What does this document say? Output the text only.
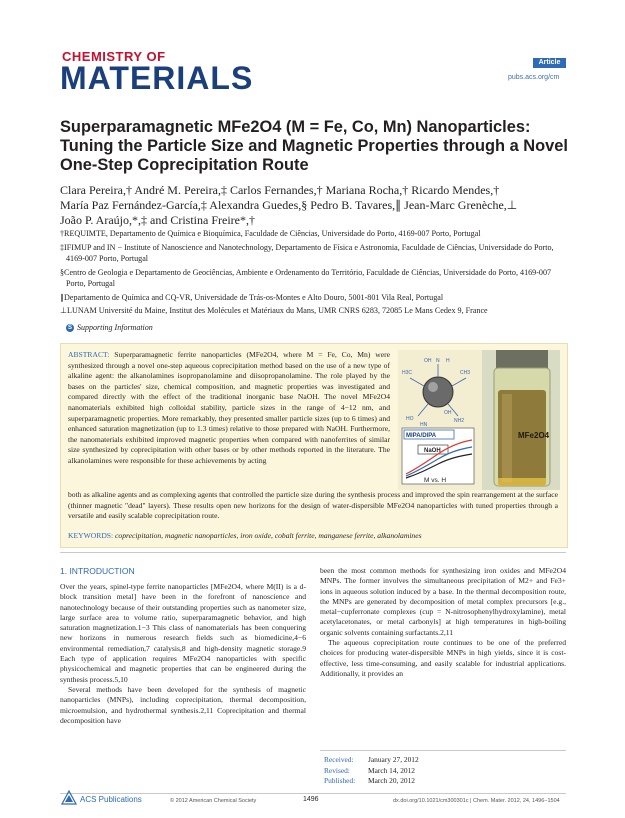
CHEMISTRY OF
MATERIALS	Article
pubs.acs.org/cm
Superparamagnetic MFe2O4 (M = Fe, Co, Mn) Nanoparticles: Tuning the Particle Size and Magnetic Properties through a Novel One-Step Coprecipitation Route
Clara Pereira,† André M. Pereira,‡ Carlos Fernandes,† Mariana Rocha,† Ricardo Mendes,†
María Paz Fernández-García,‡ Alexandra Guedes,§ Pedro B. Tavares,∥ Jean-Marc Grenèche,⊥
João P. Araújo,*,‡ and Cristina Freire*,†

†REQUIMTE, Departamento de Química e Bioquímica, Faculdade de Ciências, Universidade do Porto, 4169-007 Porto, Portugal

‡IFIMUP and IN − Institute of Nanoscience and Nanotechnology, Departamento de Física e Astronomia, Faculdade de Ciências, Universidade do Porto, 4169-007 Porto, Portugal

§Centro de Geologia e Departamento de Geociências, Ambiente e Ordenamento do Território, Faculdade de Ciências, Universidade do Porto, 4169-007 Porto, Portugal

∥Departamento de Química and CQ-VR, Universidade de Trás-os-Montes e Alto Douro, 5001-801 Vila Real, Portugal

⊥LUNAM Université du Maine, Institut des Molécules et Matériaux du Mans, UMR CNRS 6283, 72085 Le Mans Cedex 9, France

S Supporting Information
ABSTRACT: Superparamagnetic ferrite nanoparticles (MFe2O4, where M = Fe, Co, Mn) were synthesized through a novel one-step aqueous coprecipitation method based on the use of a new type of alkaline agent: the alkanolamines isopropanolamine and diisopropanolamine. The role played by the bases on the particles' size, chemical composition, and magnetic properties was investigated and compared directly with the effect of the traditional inorganic base NaOH. The novel MFe2O4 nanomaterials exhibited high colloidal stability, particle sizes in the range of 4−12 nm, and superparamagnetic properties. More remarkably, they presented smaller particle sizes (up to 6 times) and enhanced saturation magnetization (up to 1.3 times) relative to those prepared with NaOH. Furthermore, the nanomaterials exhibited improved magnetic properties when compared with nanoferrites of similar size synthesized by coprecipitation with other bases or by other methods reported in the literature. The alkanolamines were responsible for these achievements by acting
both as alkaline agents and as complexing agents that controlled the particle size during the synthesis process and improved the spin rearrangement at the surface (thinner magnetic "dead" layers). These results open new horizons for the design of water-dispersible MFe2O4 nanoparticles with tuned properties through a versatile and easily scalable coprecipitation route.
KEYWORDS: coprecipitation, magnetic nanoparticles, iron oxide, cobalt ferrite, manganese ferrite, alkanolamines
H3C	CH3
OH N H
NH2
OH
HO
HN
MIPA/DIPA
NaOH
M vs. H
MFe2O4
1. INTRODUCTION

Over the years, spinel-type ferrite nanoparticles [MFe2O4, where M(II) is a d-block transition metal] have been in the forefront of nanoscience and nanotechnology because of their outstanding properties such as nanometer size, large surface area to volume ratio, superparamagnetic behavior, and high saturation magnetization.1−3 This class of nanomaterials has been conquering new horizons in numerous research fields such as biomedicine,4−6 environmental remediation,7 catalysis,8 and high-density magnetic storage.9 Each type of application requires MFe2O4 nanoparticles with specific physicochemical and magnetic properties that can be engineered during the synthesis process.5,10

Several methods have been developed for the synthesis of magnetic nanoparticles (MNPs), including coprecipitation, thermal decomposition, microemulsion, and hydrothermal synthesis.2,11 Coprecipitation and thermal decomposition have

been the most common methods for synthesizing iron oxides and MFe2O4 MNPs. The former involves the simultaneous precipitation of M2+ and Fe3+ ions in aqueous solution induced by a base. In the thermal decomposition route, the MNPs are generated by decomposition of metal complex precursors [e.g., metal−cupferronate complexes (cup = N-nitrosophenylhydroxylamine), metal acetylacetonates, or metal carbonyls] at high temperatures in high-boiling organic solvents containing surfactants.2,11

The aqueous coprecipitation route continues to be one of the preferred choices for producing water-dispersible MNPs in high yields, since it is cost-effective, less time-consuming, and easily scalable for industrial applications. Additionally, it provides an

Received: January 27, 2012
Revised: March 14, 2012
Published: March 20, 2012
ACS Publications	© 2012 American Chemical Society	1496	dx.doi.org/10.1021/cm300301c | Chem. Mater. 2012, 24, 1496−1504
